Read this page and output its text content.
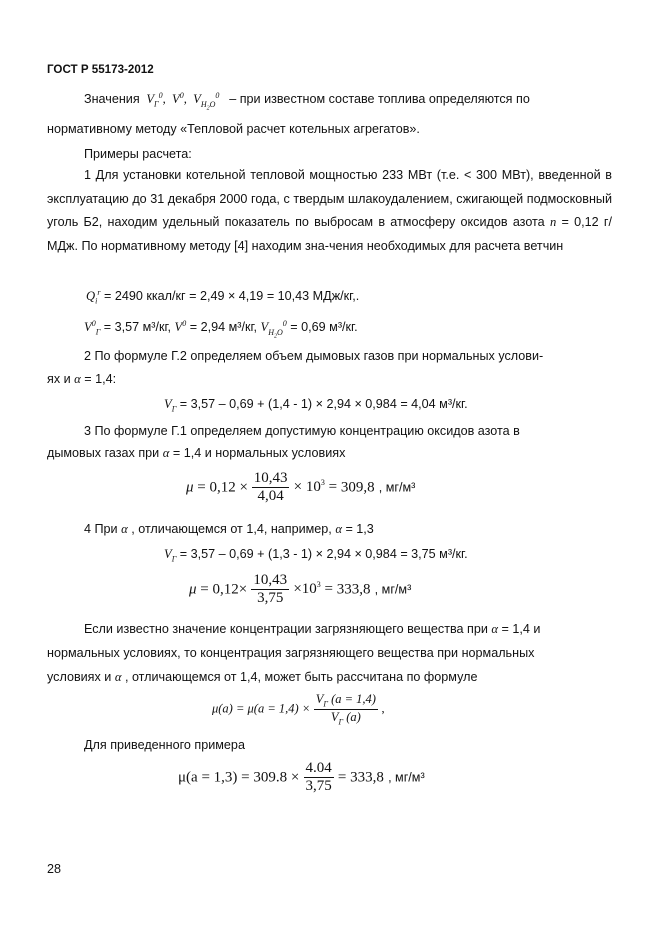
ГОСТ Р 55173-2012
Значения  $V_Г^0$,  $V^0$,  $V_{H_2O}^0$ – при известном составе топлива определяются по
нормативному методу «Тепловой расчет котельных агрегатов».
Примеры расчета:
1 Для установки котельной тепловой мощностью 233 МВт (т.е. < 300 МВт), введенной в эксплуатацию до 31 декабря 2000 года, с твердым шлакоудалением, сжигающей подмосковный уголь Б2, находим удельный показатель по выбросам в атмосферу оксидов азота n = 0,12 г/МДж. По нормативному методу [4] находим зна-чения необходимых для расчета ветчин
$Q_i^r = 2490$ ккал/кг = 2,49 × 4,19 = 10,43 МДж/кг,.
$V^0_Г = 3,57$ м³/кг, $V^0 = 2,94$ м³/кг, $V_{H_2O}^0 = 0,69$ м³/кг.
2 По формуле Г.2 определяем объем дымовых газов при нормальных услови-
ях и α = 1,4:
$V_Г = 3,57 - 0,69 + (1,4 - 1) \times 2,94 \times 0,984 = 4,04$ м³/кг.
3 По формуле Г.1 определяем допустимую концентрацию оксидов азота в
дымовых газах при α = 1,4 и нормальных условиях
$\mu = 0,12 \times \frac{10,43}{4,04} \times 10^3 = 309,8$ , мг/м³
4 При α , отличающемся от 1,4, например, α = 1,3
$V_Г = 3,57 - 0,69 + (1,3 - 1) \times 2,94 \times 0,984 = 3,75$ м³/кг.
$\mu = 0,12\times \frac{10,43}{3,75} \times 10^3 = 333,8$ , мг/м³
Если известно значение концентрации загрязняющего вещества при α = 1,4 и
нормальных условиях, то концентрация загрязняющего вещества при нормальных
условиях и α , отличающемся от 1,4, может быть рассчитана по формуле
$\mu(a) = \mu(a = 1,4) \times \frac{V_Г (a = 1,4)}{V_Г (a)}$ ,
Для приведенного примера
$\mu(a = 1,3) = 309.8 \times \frac{4.04}{3,75} = 333,8$ , мг/м³
28
